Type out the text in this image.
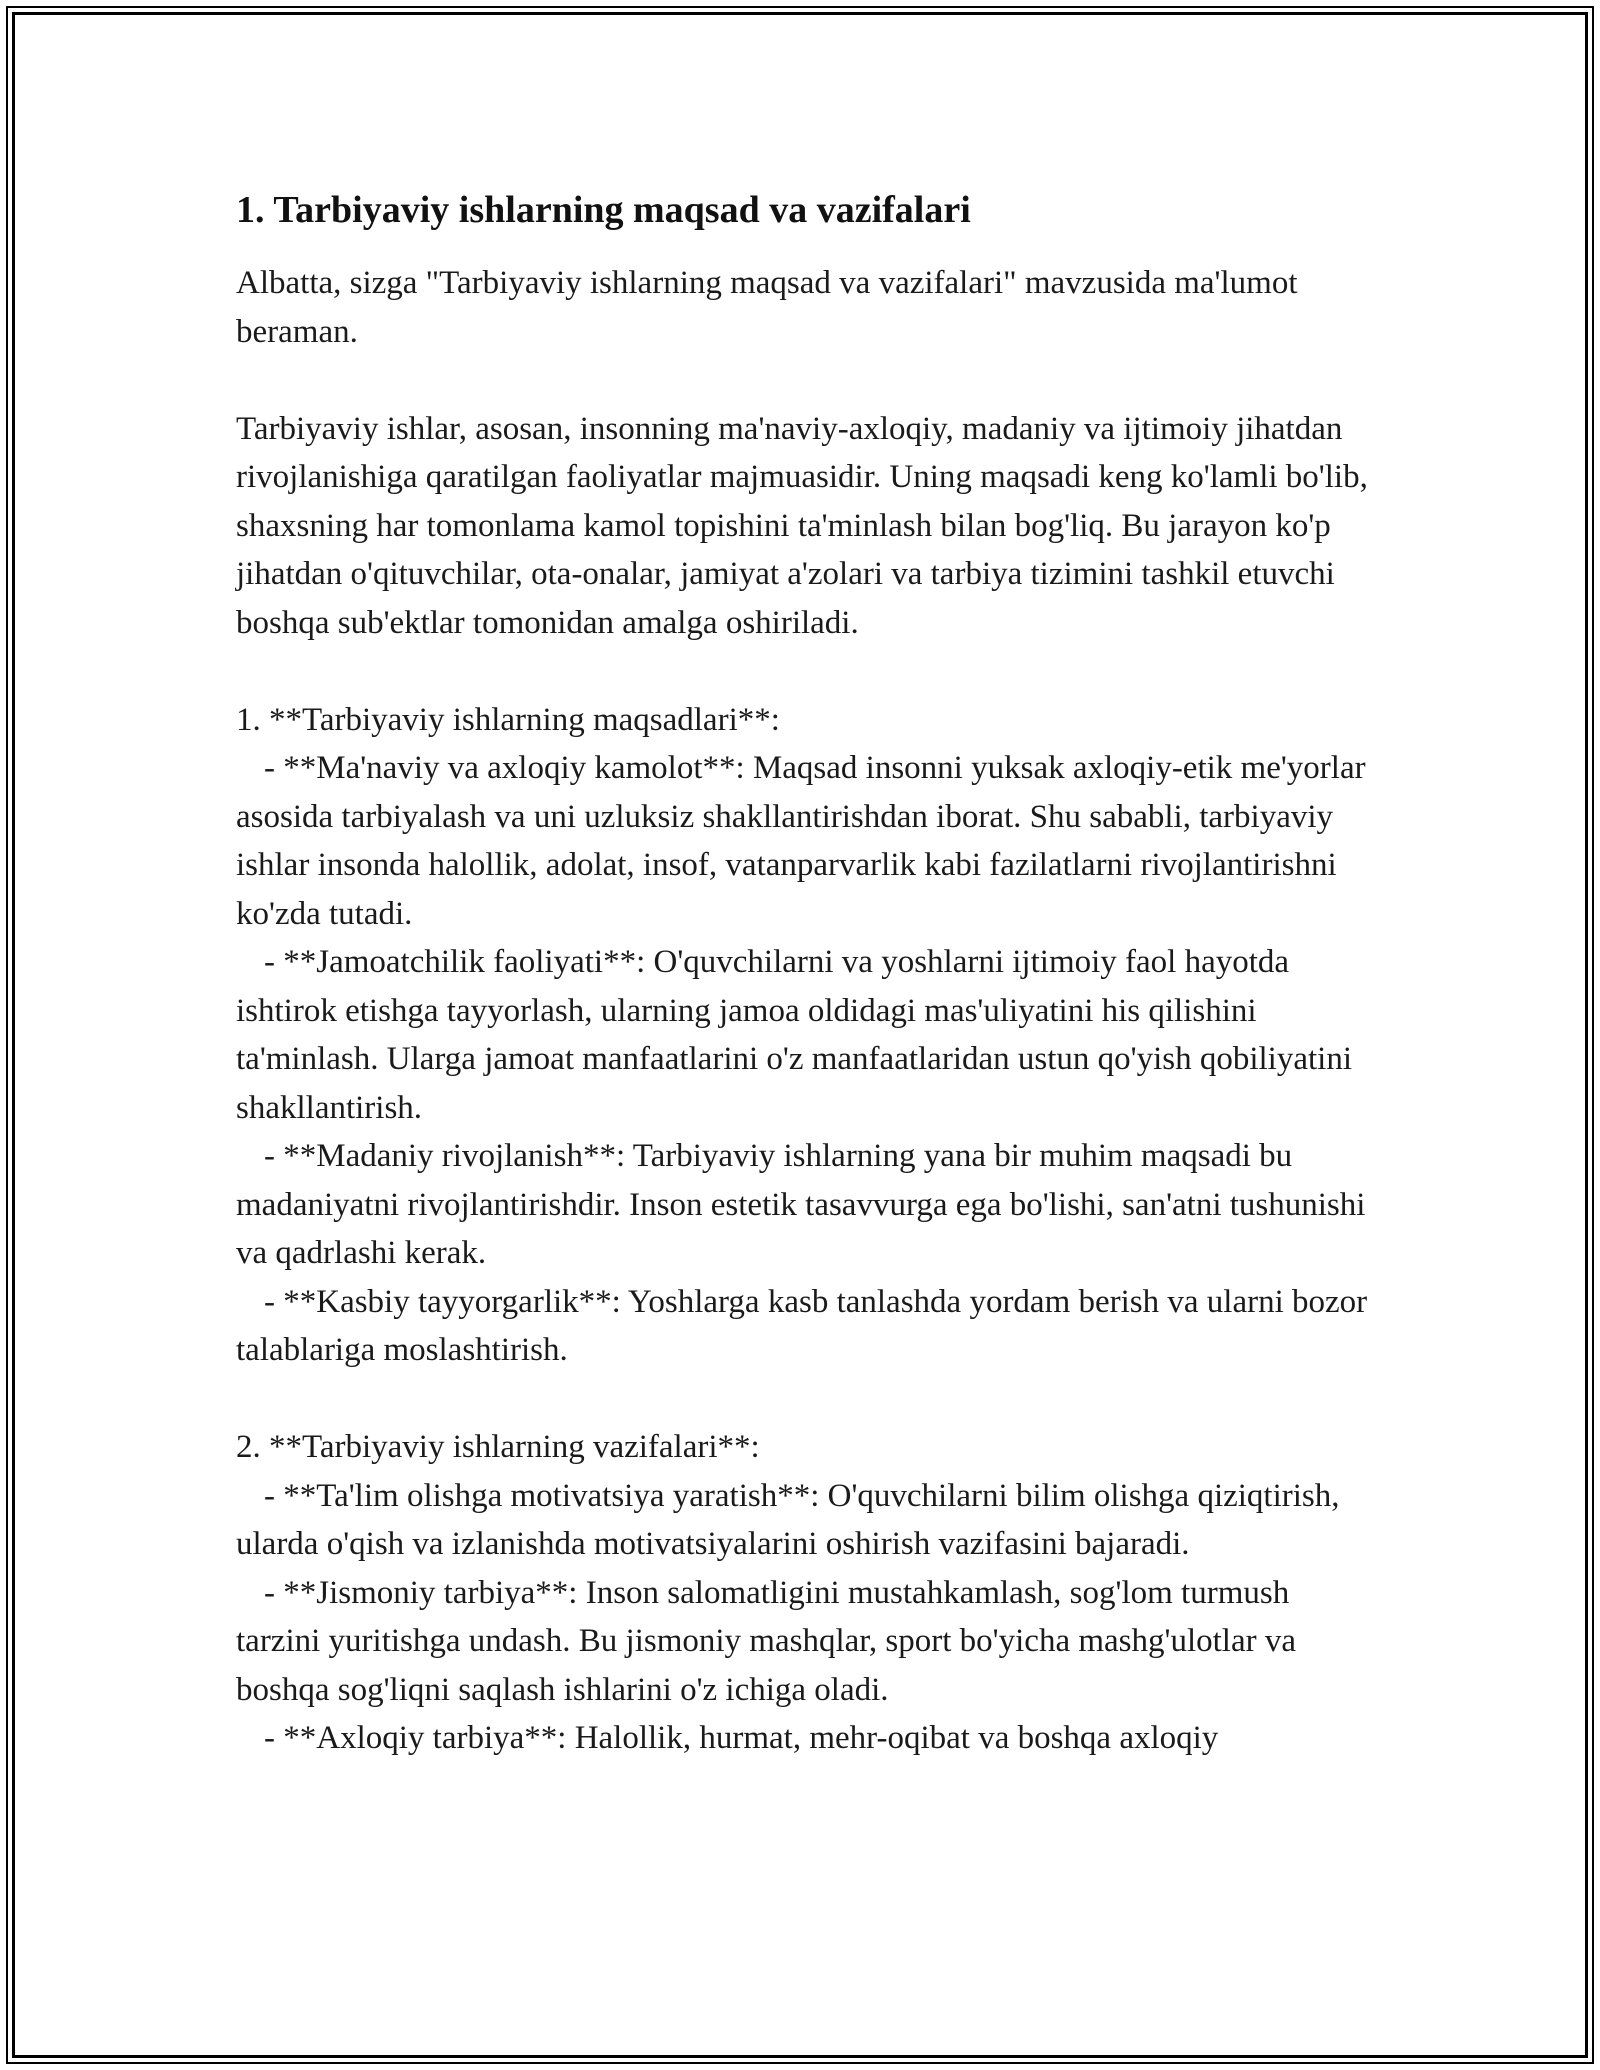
1. Tarbiyaviy ishlarning maqsad va vazifalari

Albatta, sizga "Tarbiyaviy ishlarning maqsad va vazifalari" mavzusida ma'lumot beraman.

Tarbiyaviy ishlar, asosan, insonning ma'naviy-axloqiy, madaniy va ijtimoiy jihatdan rivojlanishiga qaratilgan faoliyatlar majmuasidir. Uning maqsadi keng ko'lamli bo'lib, shaxsning har tomonlama kamol topishini ta'minlash bilan bog'liq. Bu jarayon ko'p jihatdan o'qituvchilar, ota-onalar, jamiyat a'zolari va tarbiya tizimini tashkil etuvchi boshqa sub'ektlar tomonidan amalga oshiriladi.

1. **Tarbiyaviy ishlarning maqsadlari**:
- **Ma'naviy va axloqiy kamolot**: Maqsad insonni yuksak axloqiy-etik me'yorlar asosida tarbiyalash va uni uzluksiz shakllantirishdan iborat. Shu sababli, tarbiyaviy ishlar insonda halollik, adolat, insof, vatanparvarlik kabi fazilatlarni rivojlantirishni ko'zda tutadi.
- **Jamoatchilik faoliyati**: O'quvchilarni va yoshlarni ijtimoiy faol hayotda ishtirok etishga tayyorlash, ularning jamoa oldidagi mas'uliyatini his qilishini ta'minlash. Ularga jamoat manfaatlarini o'z manfaatlaridan ustun qo'yish qobiliyatini shakllantirish.
- **Madaniy rivojlanish**: Tarbiyaviy ishlarning yana bir muhim maqsadi bu madaniyatni rivojlantirishdir. Inson estetik tasavvurga ega bo'lishi, san'atni tushunishi va qadrlashi kerak.
- **Kasbiy tayyorgarlik**: Yoshlarga kasb tanlashda yordam berish va ularni bozor talablariga moslashtirish.
2. **Tarbiyaviy ishlarning vazifalari**:
- **Ta'lim olishga motivatsiya yaratish**: O'quvchilarni bilim olishga qiziqtirish, ularda o'qish va izlanishda motivatsiyalarini oshirish vazifasini bajaradi.
- **Jismoniy tarbiya**: Inson salomatligini mustahkamlash, sog'lom turmush tarzini yuritishga undash. Bu jismoniy mashqlar, sport bo'yicha mashg'ulotlar va boshqa sog'liqni saqlash ishlarini o'z ichiga oladi.
- **Axloqiy tarbiya**: Halollik, hurmat, mehr-oqibat va boshqa axloqiy
